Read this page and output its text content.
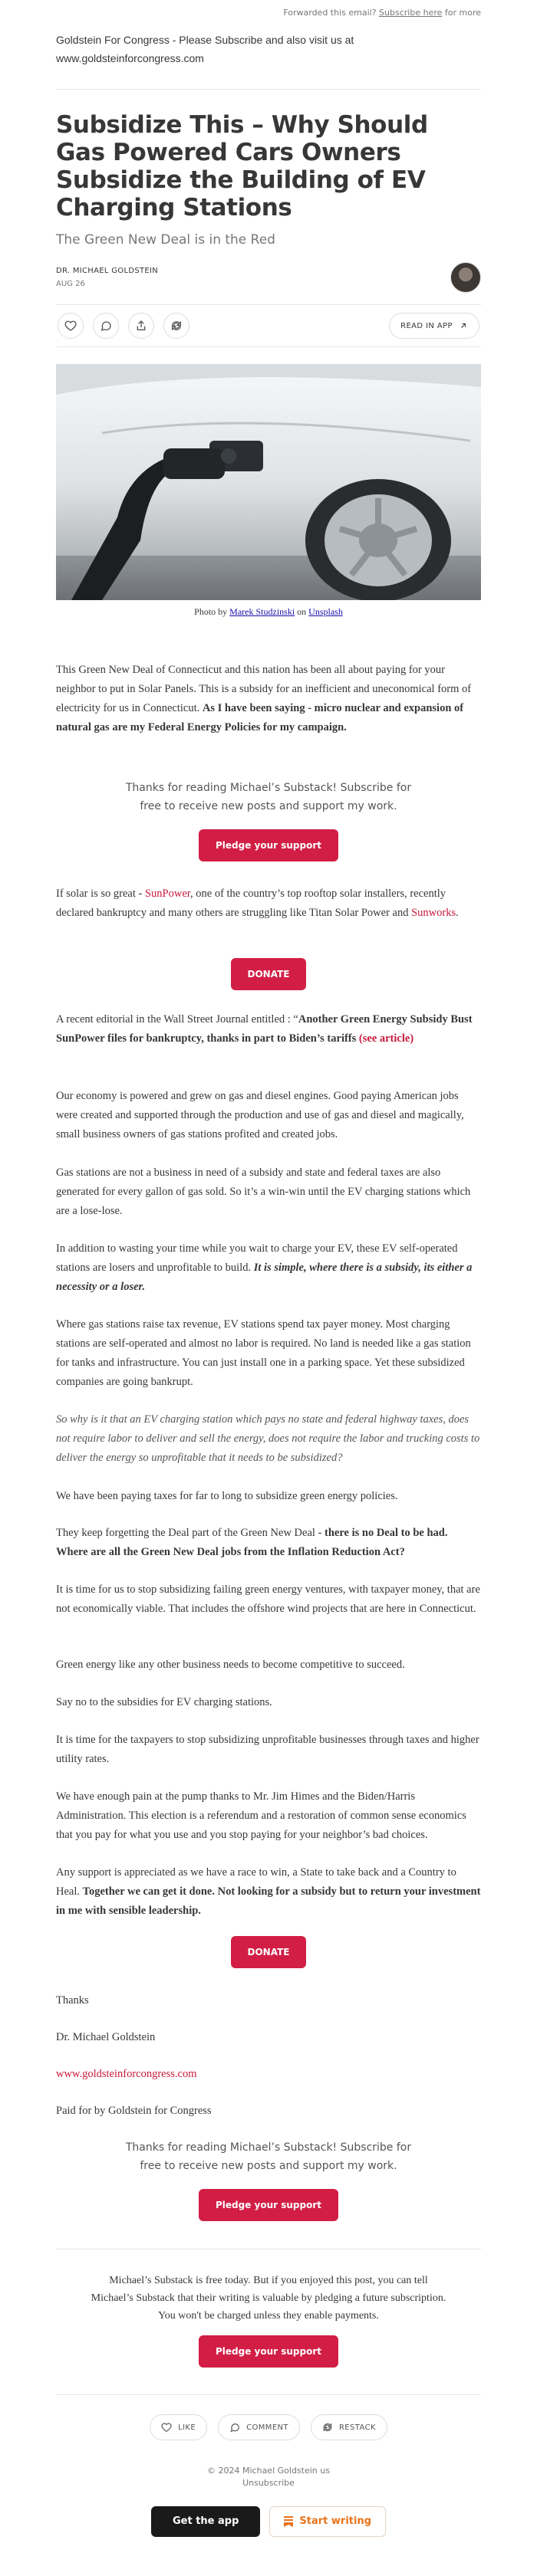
Forwarded this email? Subscribe here for more
Goldstein For Congress - Please Subscribe and also visit us at www.goldsteinforcongress.com
Subsidize This – Why Should Gas Powered Cars Owners Subsidize the Building of EV Charging Stations
The Green New Deal is in the Red
DR. MICHAEL GOLDSTEIN
AUG 26
READ IN APP
Photo by Marek Studzinski on Unsplash
This Green New Deal of Connecticut and this nation has been all about paying for your neighbor to put in Solar Panels. This is a subsidy for an inefficient and uneconomical form of electricity for us in Connecticut. As I have been saying - micro nuclear and expansion of natural gas are my Federal Energy Policies for my campaign.
Thanks for reading Michael’s Substack! Subscribe for free to receive new posts and support my work.
Pledge your support
If solar is so great - SunPower, one of the country’s top rooftop solar installers, recently declared bankruptcy and many others are struggling like Titan Solar Power and Sunworks.
DONATE
A recent editorial in the Wall Street Journal entitled : “Another Green Energy Subsidy Bust SunPower files for bankruptcy, thanks in part to Biden’s tariffs (see article)
Our economy is powered and grew on gas and diesel engines. Good paying American jobs were created and supported through the production and use of gas and diesel and magically, small business owners of gas stations profited and created jobs.
Gas stations are not a business in need of a subsidy and state and federal taxes are also generated for every gallon of gas sold. So it’s a win-win until the EV charging stations which are a lose-lose.
In addition to wasting your time while you wait to charge your EV, these EV self-operated stations are losers and unprofitable to build. It is simple, where there is a subsidy, its either a necessity or a loser.
Where gas stations raise tax revenue, EV stations spend tax payer money. Most charging stations are self-operated and almost no labor is required. No land is needed like a gas station for tanks and infrastructure. You can just install one in a parking space. Yet these subsidized companies are going bankrupt.
So why is it that an EV charging station which pays no state and federal highway taxes, does not require labor to deliver and sell the energy, does not require the labor and trucking costs to deliver the energy so unprofitable that it needs to be subsidized?
We have been paying taxes for far to long to subsidize green energy policies.
They keep forgetting the Deal part of the Green New Deal - there is no Deal to be had. Where are all the Green New Deal jobs from the Inflation Reduction Act?
It is time for us to stop subsidizing failing green energy ventures, with taxpayer money, that are not economically viable. That includes the offshore wind projects that are here in Connecticut.
Green energy like any other business needs to become competitive to succeed.
Say no to the subsidies for EV charging stations.
It is time for the taxpayers to stop subsidizing unprofitable businesses through taxes and higher utility rates.
We have enough pain at the pump thanks to Mr. Jim Himes and the Biden/Harris Administration. This election is a referendum and a restoration of common sense economics that you pay for what you use and you stop paying for your neighbor’s bad choices.
Any support is appreciated as we have a race to win, a State to take back and a Country to Heal. Together we can get it done. Not looking for a subsidy but to return your investment in me with sensible leadership.
DONATE
Thanks
Dr. Michael Goldstein
www.goldsteinforcongress.com
Paid for by Goldstein for Congress
Thanks for reading Michael’s Substack! Subscribe for free to receive new posts and support my work.
Pledge your support
Michael’s Substack is free today. But if you enjoyed this post, you can tell Michael’s Substack that their writing is valuable by pledging a future subscription. You won't be charged unless they enable payments.
Pledge your support
LIKE	COMMENT	RESTACK
© 2024 Michael Goldstein us
Unsubscribe
Get the app	Start writing
